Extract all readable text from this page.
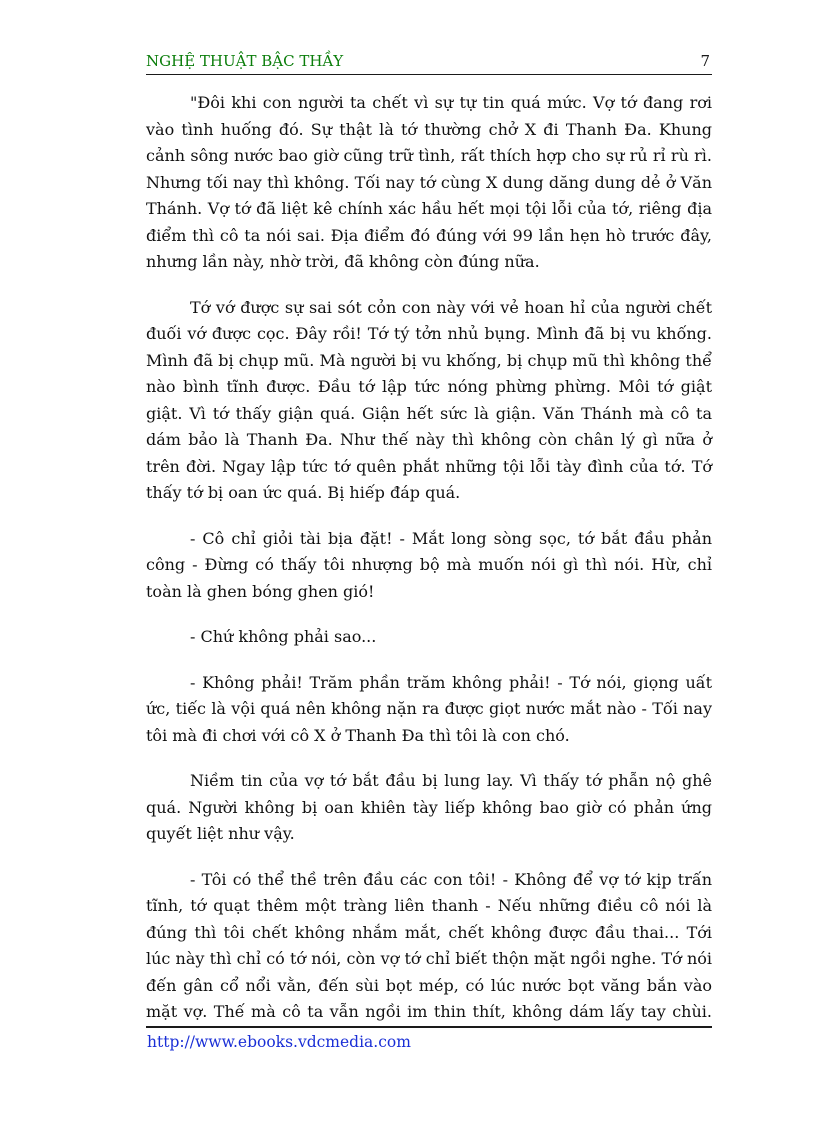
NGHỆ THUẬT BẬC THẦY	7

"Đôi khi con người ta chết vì sự tự tin quá mức. Vợ tớ đang rơi vào tình huống đó. Sự thật là tớ thường chở X đi Thanh Đa. Khung cảnh sông nước bao giờ cũng trữ tình, rất thích hợp cho sự rủ rỉ rù rì. Nhưng tối nay thì không. Tối nay tớ cùng X dung dăng dung dẻ ở Văn Thánh. Vợ tớ đã liệt kê chính xác hầu hết mọi tội lỗi của tớ, riêng địa điểm thì cô ta nói sai. Địa điểm đó đúng với 99 lần hẹn hò trước đây, nhưng lần này, nhờ trời, đã không còn đúng nữa.

Tớ vớ được sự sai sót cỏn con này với vẻ hoan hỉ của người chết đuối vớ được cọc. Đây rồi! Tớ tý tởn nhủ bụng. Mình đã bị vu khống. Mình đã bị chụp mũ. Mà người bị vu khống, bị chụp mũ thì không thể nào bình tĩnh được. Đầu tớ lập tức nóng phừng phừng. Môi tớ giật giật. Vì tớ thấy giận quá. Giận hết sức là giận. Văn Thánh mà cô ta dám bảo là Thanh Đa. Như thế này thì không còn chân lý gì nữa ở trên đời. Ngay lập tức tớ quên phắt những tội lỗi tày đình của tớ. Tớ thấy tớ bị oan ức quá. Bị hiếp đáp quá.

- Cô chỉ giỏi tài bịa đặt! - Mắt long sòng sọc, tớ bắt đầu phản công - Đừng có thấy tôi nhượng bộ mà muốn nói gì thì nói. Hừ, chỉ toàn là ghen bóng ghen gió!

- Chứ không phải sao...

- Không phải! Trăm phần trăm không phải! - Tớ nói, giọng uất ức, tiếc là vội quá nên không nặn ra được giọt nước mắt nào - Tối nay tôi mà đi chơi với cô X ở Thanh Đa thì tôi là con chó.

Niềm tin của vợ tớ bắt đầu bị lung lay. Vì thấy tớ phẫn nộ ghê quá. Người không bị oan khiên tày liếp không bao giờ có phản ứng quyết liệt như vậy.

- Tôi có thể thề trên đầu các con tôi! - Không để vợ tớ kịp trấn tĩnh, tớ quạt thêm một tràng liên thanh - Nếu những điều cô nói là đúng thì tôi chết không nhắm mắt, chết không được đầu thai... Tới lúc này thì chỉ có tớ nói, còn vợ tớ chỉ biết thộn mặt ngồi nghe. Tớ nói đến gân cổ nổi vằn, đến sùi bọt mép, có lúc nước bọt văng bắn vào mặt vợ. Thế mà cô ta vẫn ngồi im thin thít, không dám lấy tay chùi.

http://www.ebooks.vdcmedia.com
